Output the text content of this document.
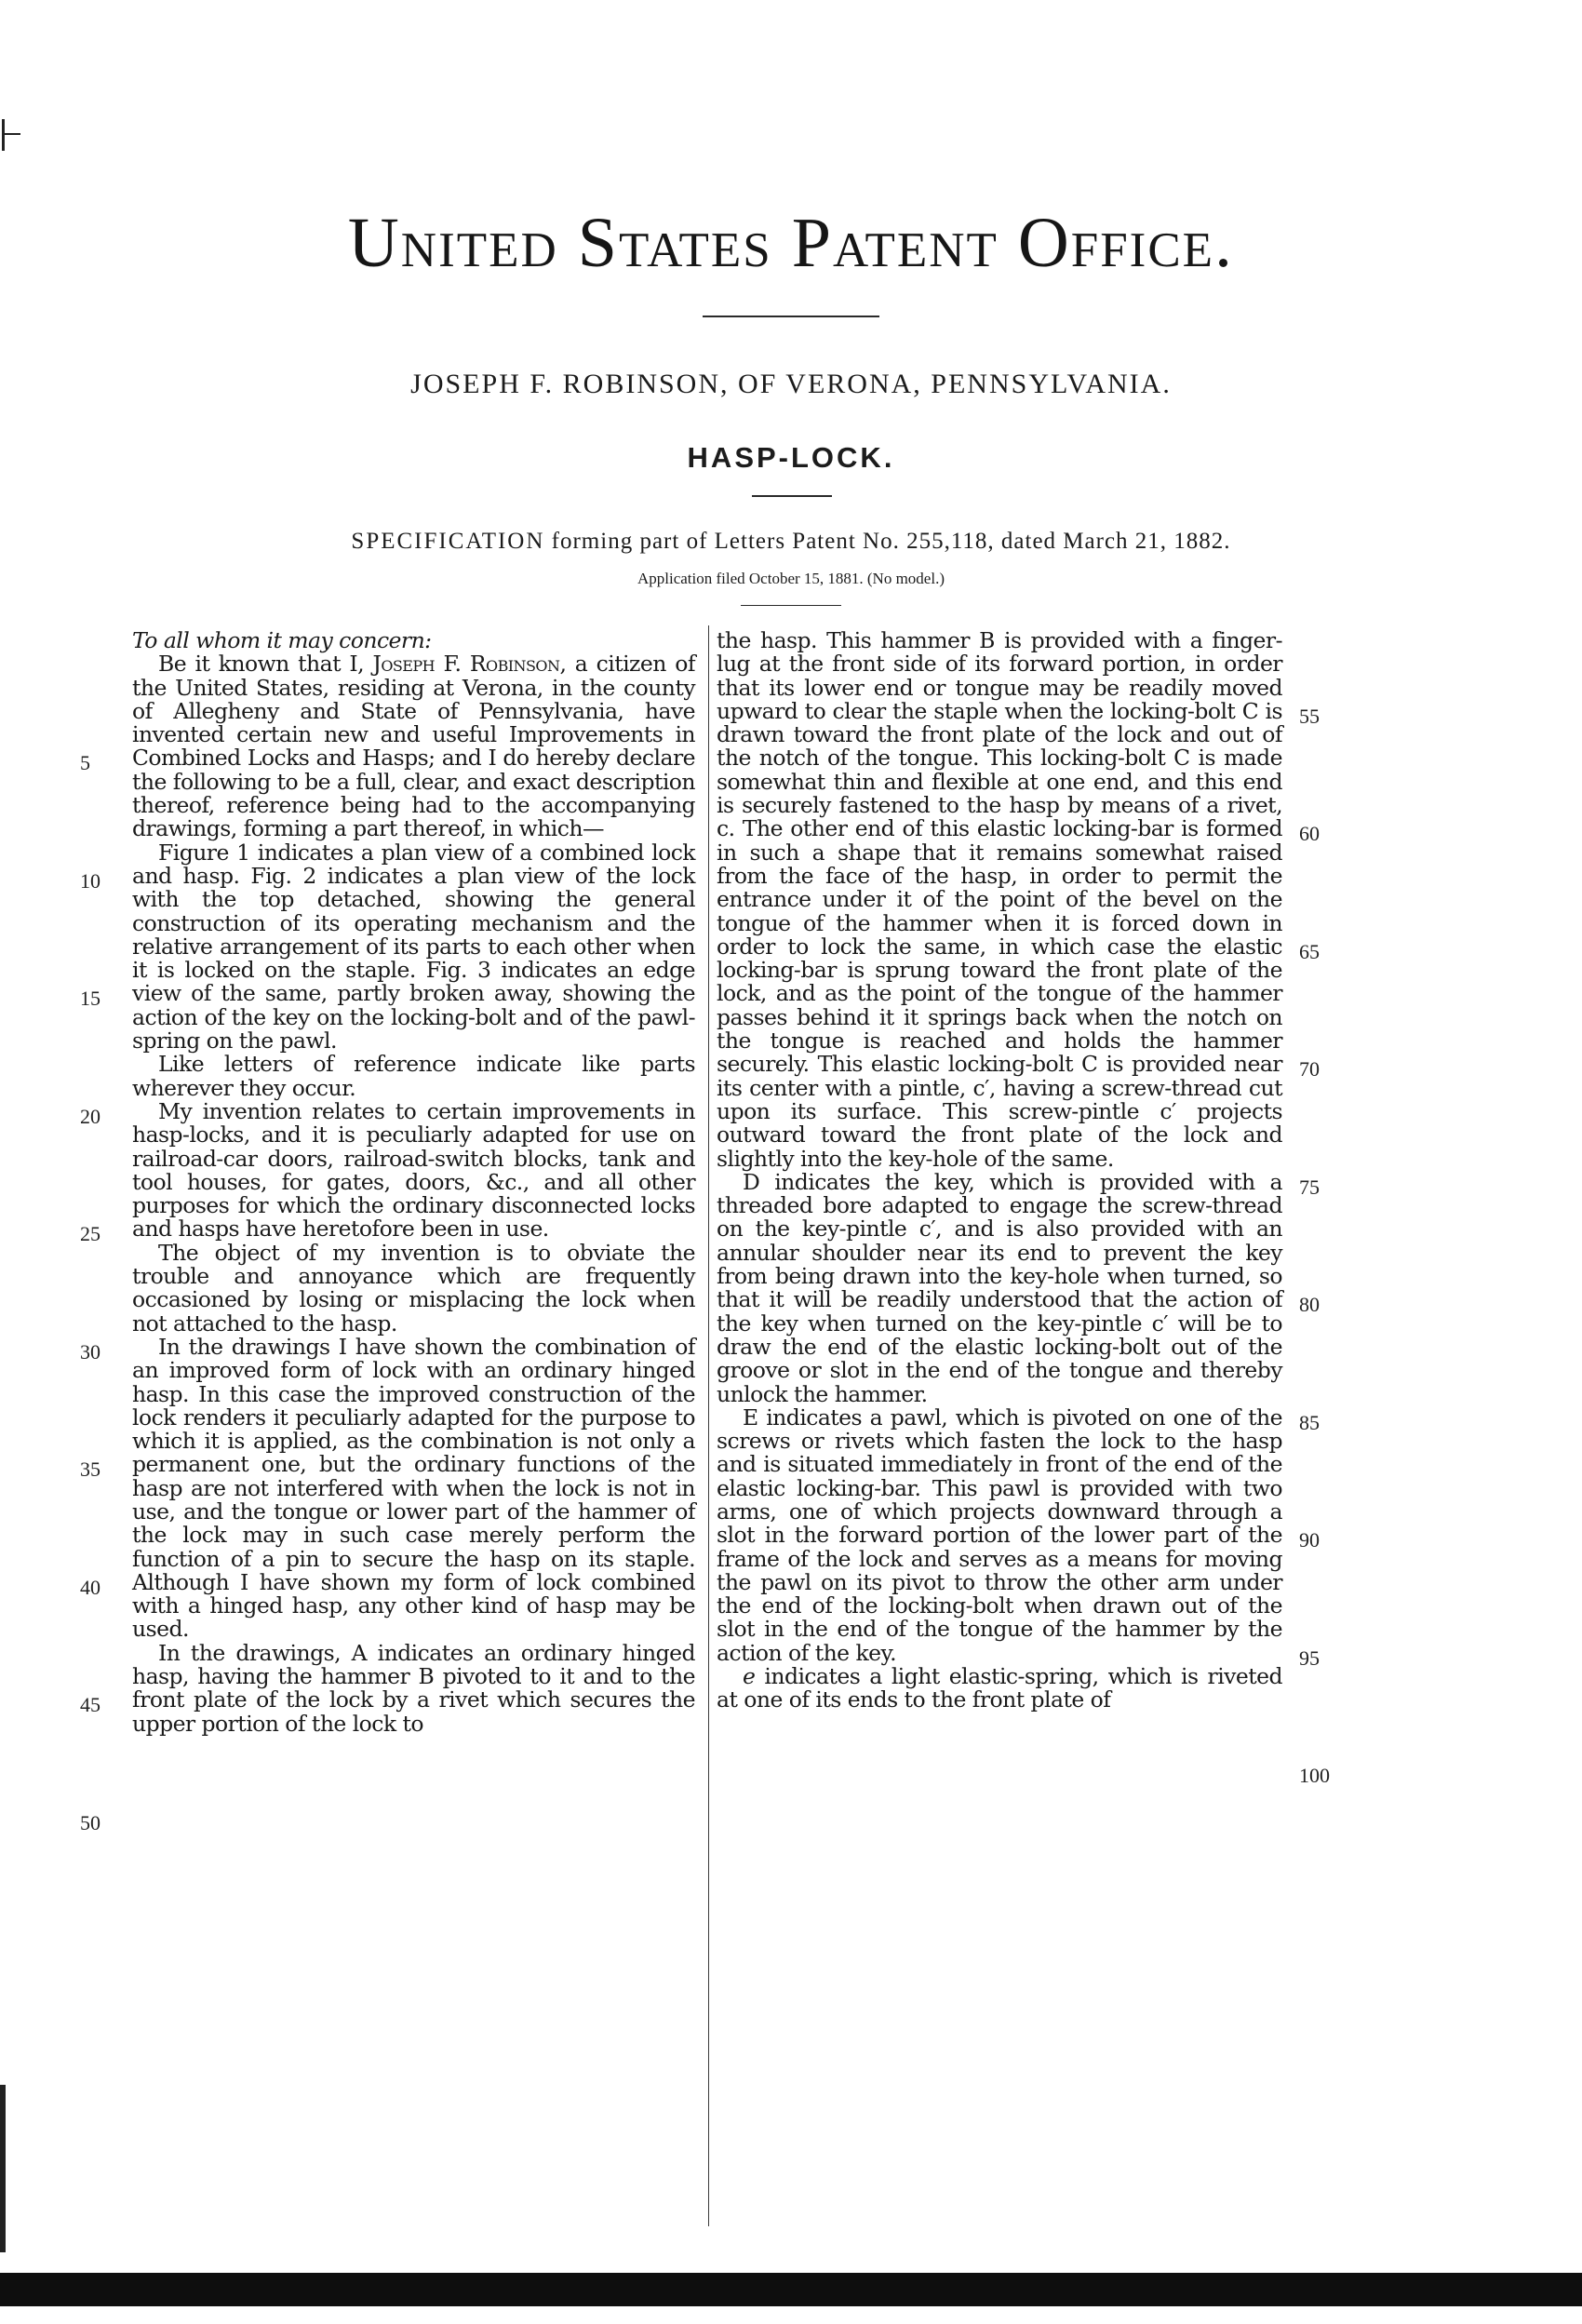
United States Patent Office.
JOSEPH F. ROBINSON, OF VERONA, PENNSYLVANIA.
HASP-LOCK.
SPECIFICATION forming part of Letters Patent No. 255,118, dated March 21, 1882.
Application filed October 15, 1881. (No model.)

To all whom it may concern:

Be it known that I, Joseph F. Robinson, a citizen of the United States, residing at Verona, in the county of Allegheny and State of Pennsylvania, have invented certain new and useful Improvements in Combined Locks and Hasps; and I do hereby declare the following to be a full, clear, and exact description thereof, reference being had to the accompanying drawings, forming a part thereof, in which—

Figure 1 indicates a plan view of a combined lock and hasp. Fig. 2 indicates a plan view of the lock with the top detached, showing the general construction of its operating mechanism and the relative arrangement of its parts to each other when it is locked on the staple. Fig. 3 indicates an edge view of the same, partly broken away, showing the action of the key on the locking-bolt and of the pawl-spring on the pawl.

Like letters of reference indicate like parts wherever they occur.

My invention relates to certain improvements in hasp-locks, and it is peculiarly adapted for use on railroad-car doors, railroad-switch blocks, tank and tool houses, for gates, doors, &c., and all other purposes for which the ordinary disconnected locks and hasps have heretofore been in use.

The object of my invention is to obviate the trouble and annoyance which are frequently occasioned by losing or misplacing the lock when not attached to the hasp.

In the drawings I have shown the combination of an improved form of lock with an ordinary hinged hasp. In this case the improved construction of the lock renders it peculiarly adapted for the purpose to which it is applied, as the combination is not only a permanent one, but the ordinary functions of the hasp are not interfered with when the lock is not in use, and the tongue or lower part of the hammer of the lock may in such case merely perform the function of a pin to secure the hasp on its staple. Although I have shown my form of lock combined with a hinged hasp, any other kind of hasp may be used.

In the drawings, A indicates an ordinary hinged hasp, having the hammer B pivoted to it and to the front plate of the lock by a rivet which secures the upper portion of the lock to

the hasp. This hammer B is provided with a finger-lug at the front side of its forward portion, in order that its lower end or tongue may be readily moved upward to clear the staple when the locking-bolt C is drawn toward the front plate of the lock and out of the notch of the tongue. This locking-bolt C is made somewhat thin and flexible at one end, and this end is securely fastened to the hasp by means of a rivet, c. The other end of this elastic locking-bar is formed in such a shape that it remains somewhat raised from the face of the hasp, in order to permit the entrance under it of the point of the bevel on the tongue of the hammer when it is forced down in order to lock the same, in which case the elastic locking-bar is sprung toward the front plate of the lock, and as the point of the tongue of the hammer passes behind it it springs back when the notch on the tongue is reached and holds the hammer securely. This elastic locking-bolt C is provided near its center with a pintle, c′, having a screw-thread cut upon its surface. This screw-pintle c′ projects outward toward the front plate of the lock and slightly into the key-hole of the same.

D indicates the key, which is provided with a threaded bore adapted to engage the screw-thread on the key-pintle c′, and is also provided with an annular shoulder near its end to prevent the key from being drawn into the key-hole when turned, so that it will be readily understood that the action of the key when turned on the key-pintle c′ will be to draw the end of the elastic locking-bolt out of the groove or slot in the end of the tongue and thereby unlock the hammer.

E indicates a pawl, which is pivoted on one of the screws or rivets which fasten the lock to the hasp and is situated immediately in front of the end of the elastic locking-bar. This pawl is provided with two arms, one of which projects downward through a slot in the forward portion of the lower part of the frame of the lock and serves as a means for moving the pawl on its pivot to throw the other arm under the end of the locking-bolt when drawn out of the slot in the end of the tongue of the hammer by the action of the key.

e indicates a light elastic-spring, which is riveted at one of its ends to the front plate of

5
10
15
20
25
30
35
40
45
50
55
60
65
70
75
80
85
90
95
100
